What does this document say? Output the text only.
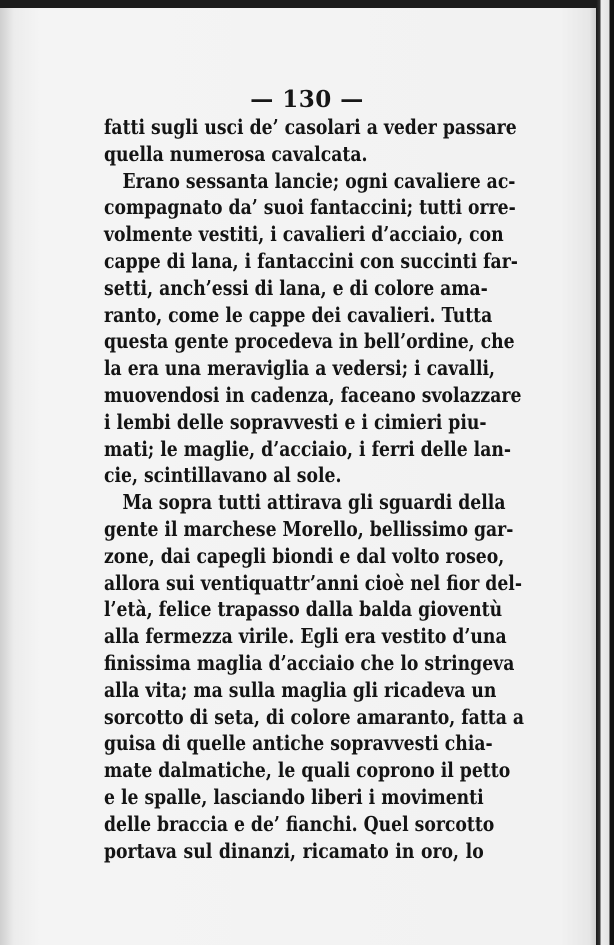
— 130 —
fatti sugli usci de’ casolari a veder passare
quella numerosa cavalcata.
Erano sessanta lancie; ogni cavaliere ac-
compagnato da’ suoi fantaccini; tutti orre-
volmente vestiti, i cavalieri d’acciaio, con
cappe di lana, i fantaccini con succinti far-
setti, anch’essi di lana, e di colore ama-
ranto, come le cappe dei cavalieri. Tutta
questa gente procedeva in bell’ordine, che
la era una meraviglia a vedersi; i cavalli,
muovendosi in cadenza, faceano svolazzare
i lembi delle sopravvesti e i cimieri piu-
mati; le maglie, d’acciaio, i ferri delle lan-
cie, scintillavano al sole.
Ma sopra tutti attirava gli sguardi della
gente il marchese Morello, bellissimo gar-
zone, dai capegli biondi e dal volto roseo,
allora sui ventiquattr’anni cioè nel fior del-
l’età, felice trapasso dalla balda gioventù
alla fermezza virile. Egli era vestito d’una
finissima maglia d’acciaio che lo stringeva
alla vita; ma sulla maglia gli ricadeva un
sorcotto di seta, di colore amaranto, fatta a
guisa di quelle antiche sopravvesti chia-
mate dalmatiche, le quali coprono il petto
e le spalle, lasciando liberi i movimenti
delle braccia e de’ fianchi. Quel sorcotto
portava sul dinanzi, ricamato in oro, lo
